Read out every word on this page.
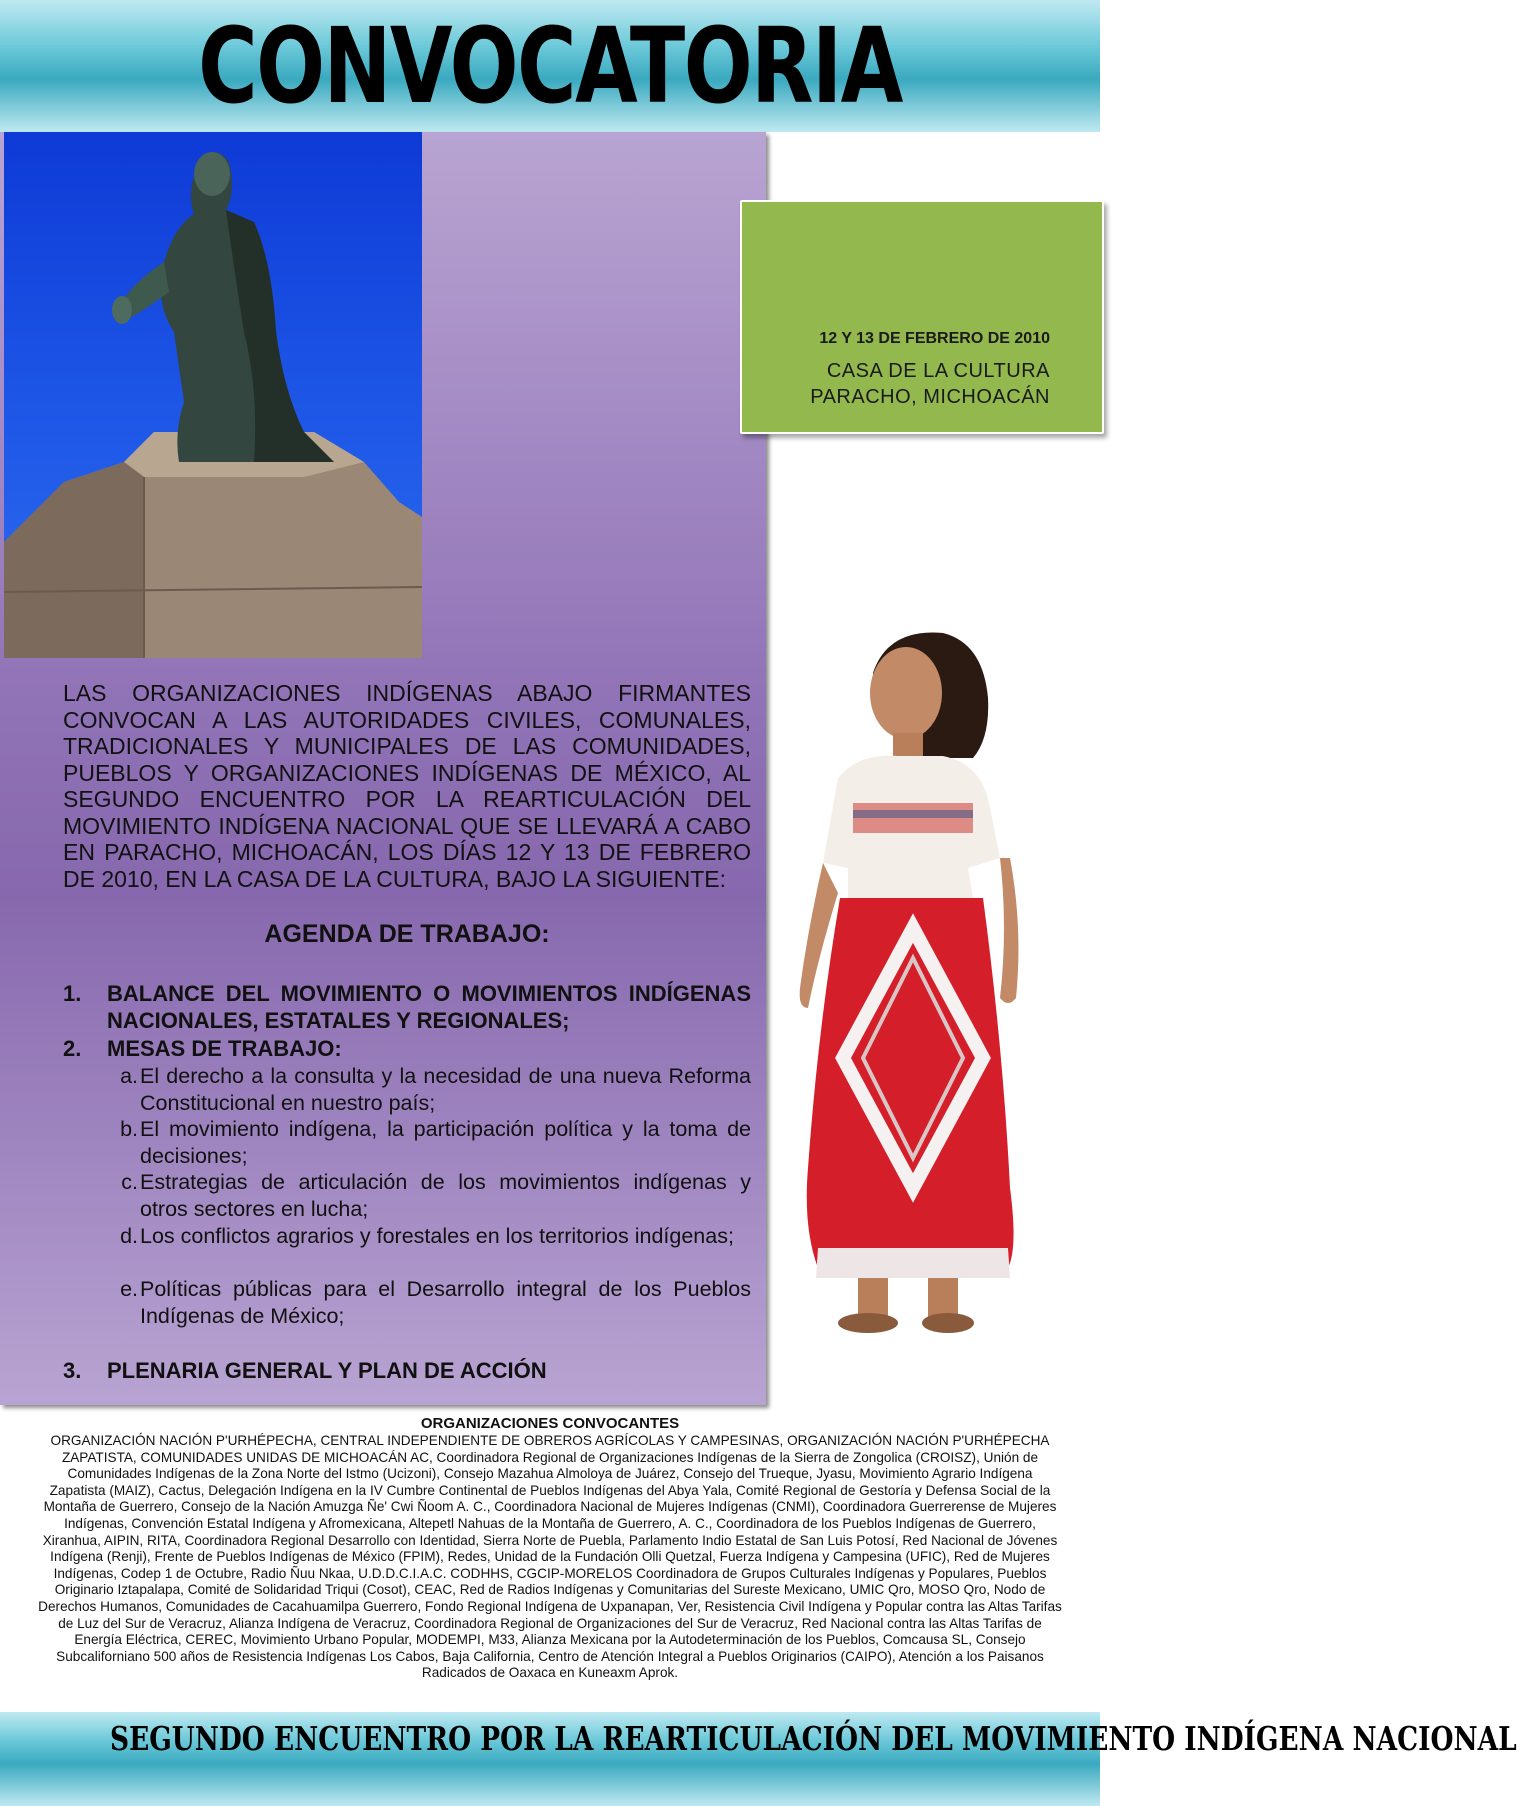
CONVOCATORIA
12 Y 13 DE FEBRERO DE 2010
CASA DE LA CULTURA
PARACHO, MICHOACÁN
LAS ORGANIZACIONES INDÍGENAS ABAJO FIRMANTES CONVOCAN A LAS AUTORIDADES CIVILES, COMUNALES, TRADICIONALES Y MUNICIPALES DE LAS COMUNIDADES, PUEBLOS Y ORGANIZACIONES INDÍGENAS DE MÉXICO, AL SEGUNDO ENCUENTRO POR LA REARTICULACIÓN DEL MOVIMIENTO INDÍGENA NACIONAL QUE SE LLEVARÁ A CABO EN PARACHO, MICHOACÁN, LOS DÍAS 12 Y 13 DE FEBRERO DE 2010, EN LA CASA DE LA CULTURA, BAJO LA SIGUIENTE:
AGENDA DE TRABAJO:
1.	BALANCE DEL MOVIMIENTO O MOVIMIENTOS INDÍGENAS NACIONALES, ESTATALES Y REGIONALES;
2.	MESAS DE TRABAJO:
a. El derecho a la consulta y la necesidad de una nueva Reforma Constitucional en nuestro país;
b. El movimiento indígena, la participación política y la toma de decisiones;
c. Estrategias de articulación de los movimientos indígenas y otros sectores en lucha;
d. Los conflictos agrarios y forestales en los territorios indígenas;
e. Políticas públicas para el Desarrollo integral de los Pueblos Indígenas de México;
3.	PLENARIA GENERAL Y PLAN DE ACCIÓN
ORGANIZACIONES CONVOCANTES
ORGANIZACIÓN NACIÓN P'URHÉPECHA, CENTRAL INDEPENDIENTE DE OBREROS AGRÍCOLAS Y CAMPESINAS, ORGANIZACIÓN NACIÓN P'URHÉPECHA ZAPATISTA, COMUNIDADES UNIDAS DE MICHOACÁN AC, Coordinadora Regional de Organizaciones Indígenas de la Sierra de Zongolica (CROISZ), Unión de Comunidades Indígenas de la Zona Norte del Istmo (Ucizoni), Consejo Mazahua Almoloya de Juárez, Consejo del Trueque, Jyasu, Movimiento Agrario Indígena Zapatista (MAIZ), Cactus, Delegación Indígena en la IV Cumbre Continental de Pueblos Indígenas del Abya Yala, Comité Regional de Gestoría y Defensa Social de la Montaña de Guerrero, Consejo de la Nación Amuzga Ñe' Cwi Ñoom A. C., Coordinadora Nacional de Mujeres Indígenas (CNMI), Coordinadora Guerrerense de Mujeres Indígenas, Convención Estatal Indígena y Afromexicana, Altepetl Nahuas de la Montaña de Guerrero, A. C., Coordinadora de los Pueblos Indígenas de Guerrero, Xiranhua, AIPIN, RITA, Coordinadora Regional Desarrollo con Identidad, Sierra Norte de Puebla, Parlamento Indio Estatal de San Luis Potosí, Red Nacional de Jóvenes Indígena (Renji), Frente de Pueblos Indígenas de México (FPIM), Redes, Unidad de la Fundación Olli Quetzal, Fuerza Indígena y Campesina (UFIC), Red de Mujeres Indígenas, Codep 1 de Octubre, Radio Ñuu Nkaa, U.D.D.C.I.A.C. CODHHS, CGCIP-MORELOS Coordinadora de Grupos Culturales Indígenas y Populares, Pueblos Originario Iztapalapa, Comité de Solidaridad Triqui (Cosot), CEAC, Red de Radios Indígenas y Comunitarias del Sureste Mexicano, UMIC Qro, MOSO Qro, Nodo de Derechos Humanos, Comunidades de Cacahuamilpa Guerrero, Fondo Regional Indígena de Uxpanapan, Ver, Resistencia Civil Indígena y Popular contra las Altas Tarifas de Luz del Sur de Veracruz, Alianza Indígena de Veracruz, Coordinadora Regional de Organizaciones del Sur de Veracruz, Red Nacional contra las Altas Tarifas de Energía Eléctrica, CEREC, Movimiento Urbano Popular, MODEMPI, M33, Alianza Mexicana por la Autodeterminación de los Pueblos, Comcausa SL, Consejo Subcaliforniano 500 años de Resistencia Indígenas Los Cabos, Baja California, Centro de Atención Integral a Pueblos Originarios (CAIPO), Atención a los Paisanos Radicados de Oaxaca en Kuneaxm Aprok.
SEGUNDO ENCUENTRO POR LA REARTICULACIÓN DEL MOVIMIENTO INDÍGENA NACIONAL
